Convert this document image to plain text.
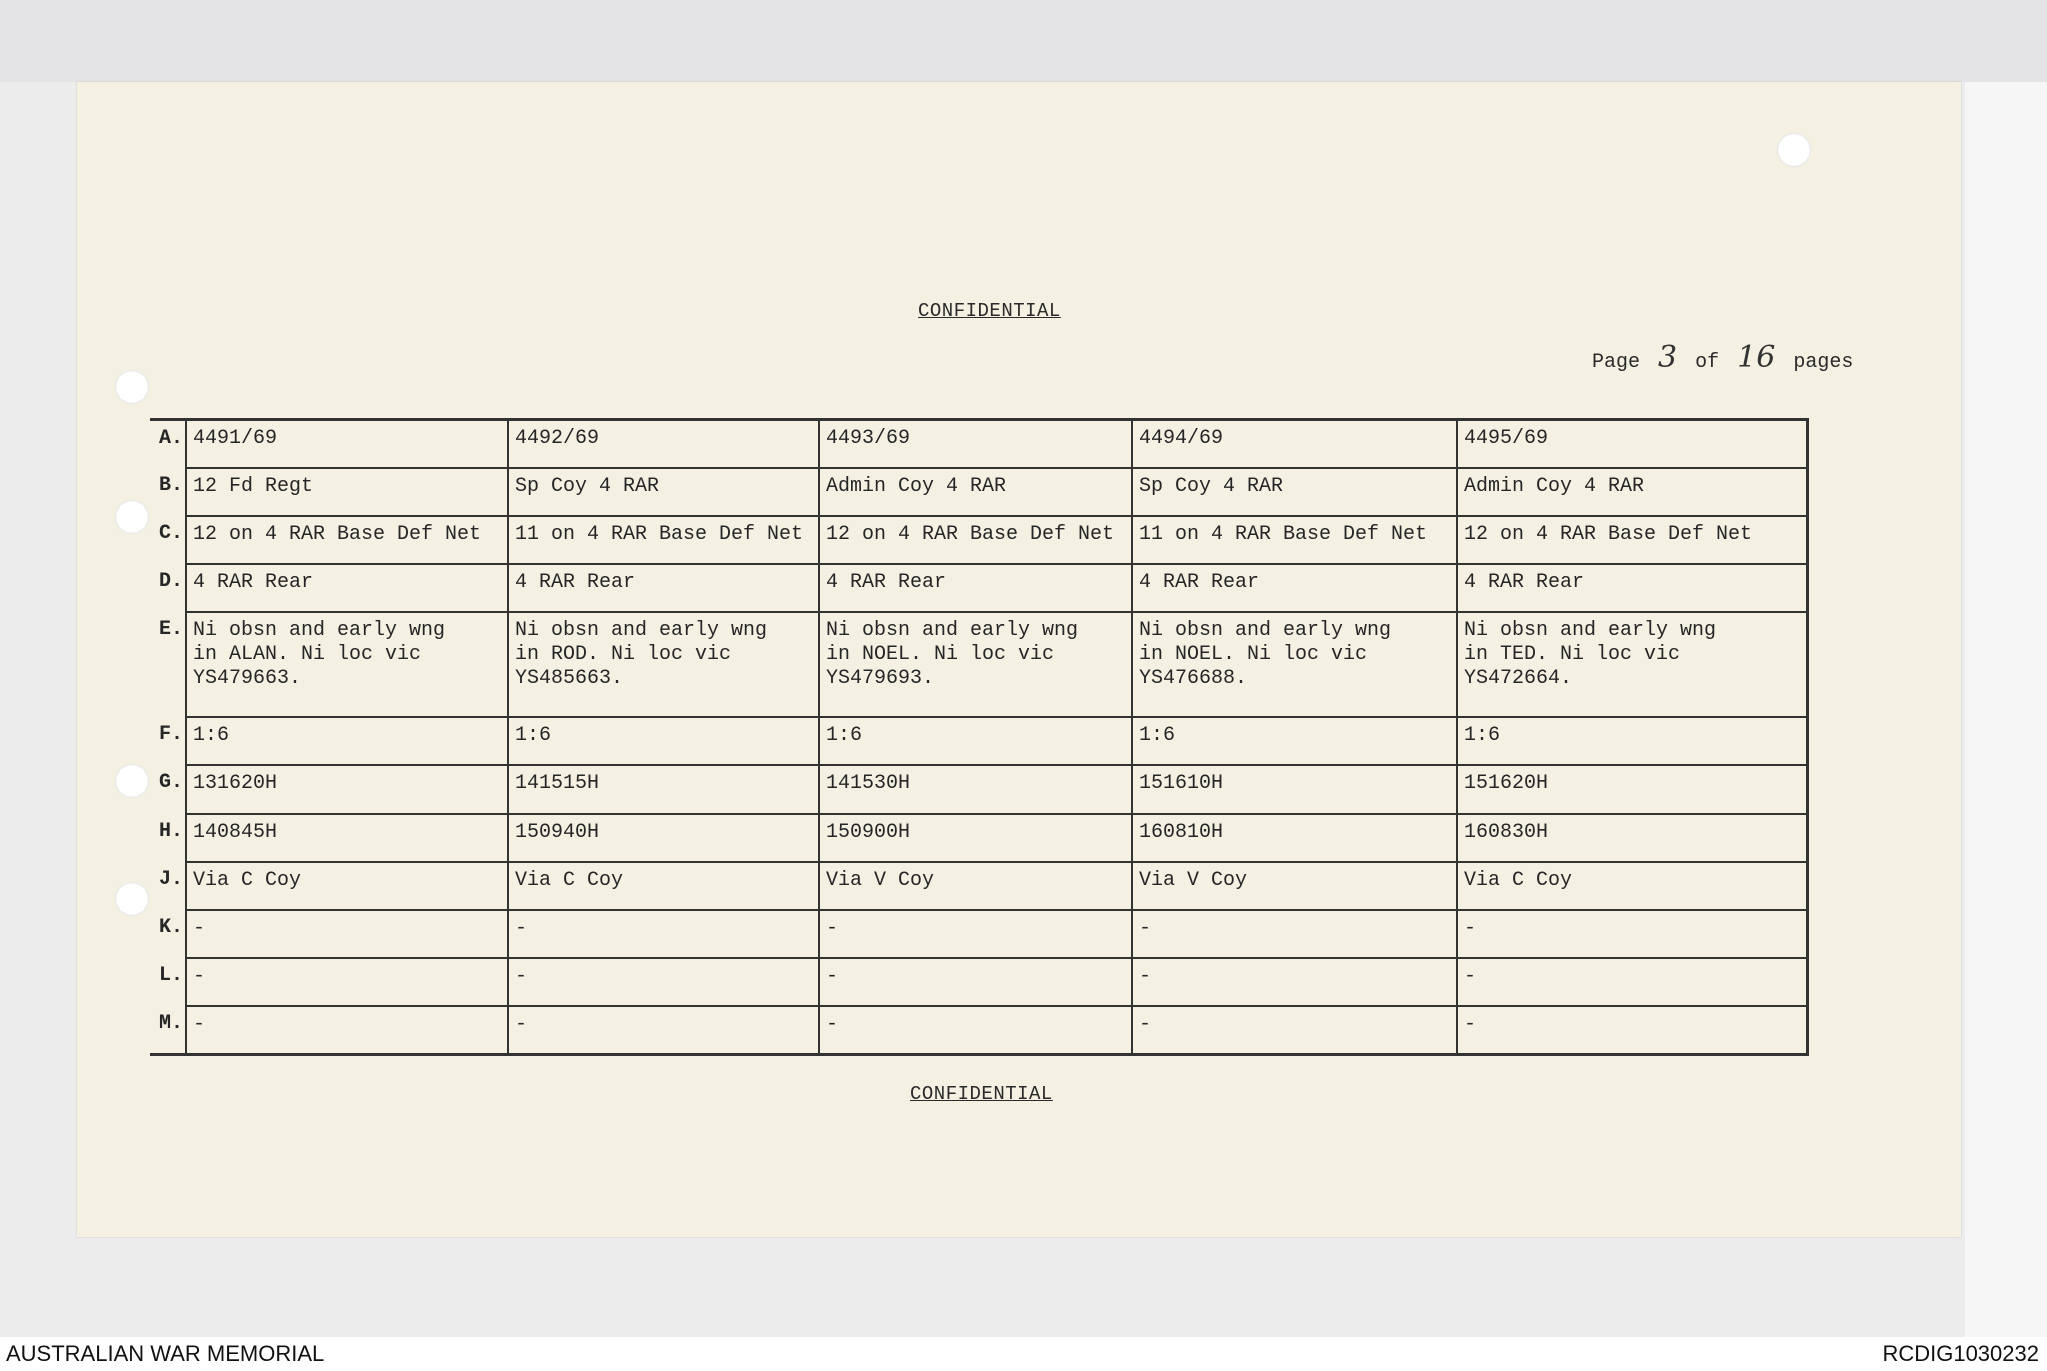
CONFIDENTIAL
Page 3 of 16 pages
A.	4491/69	4492/69	4493/69	4494/69	4495/69
B.	12 Fd Regt	Sp Coy 4 RAR	Admin Coy 4 RAR	Sp Coy 4 RAR	Admin Coy 4 RAR
C.	12 on 4 RAR Base Def Net	11 on 4 RAR Base Def Net	12 on 4 RAR Base Def Net	11 on 4 RAR Base Def Net	12 on 4 RAR Base Def Net
D.	4 RAR Rear	4 RAR Rear	4 RAR Rear	4 RAR Rear	4 RAR Rear
E.	Ni obsn and early wng
in ALAN. Ni loc vic
YS479663.	Ni obsn and early wng
in ROD. Ni loc vic
YS485663.	Ni obsn and early wng
in NOEL. Ni loc vic
YS479693.	Ni obsn and early wng
in NOEL. Ni loc vic
YS476688.	Ni obsn and early wng
in TED. Ni loc vic
YS472664.
F.	1:6	1:6	1:6	1:6	1:6
G.	131620H	141515H	141530H	151610H	151620H
H.	140845H	150940H	150900H	160810H	160830H
J.	Via C Coy	Via C Coy	Via V Coy	Via V Coy	Via C Coy
K.	-	-	-	-	-
L.	-	-	-	-	-
M.	-	-	-	-	-
CONFIDENTIAL
AUSTRALIAN WAR MEMORIAL	RCDIG1030232
